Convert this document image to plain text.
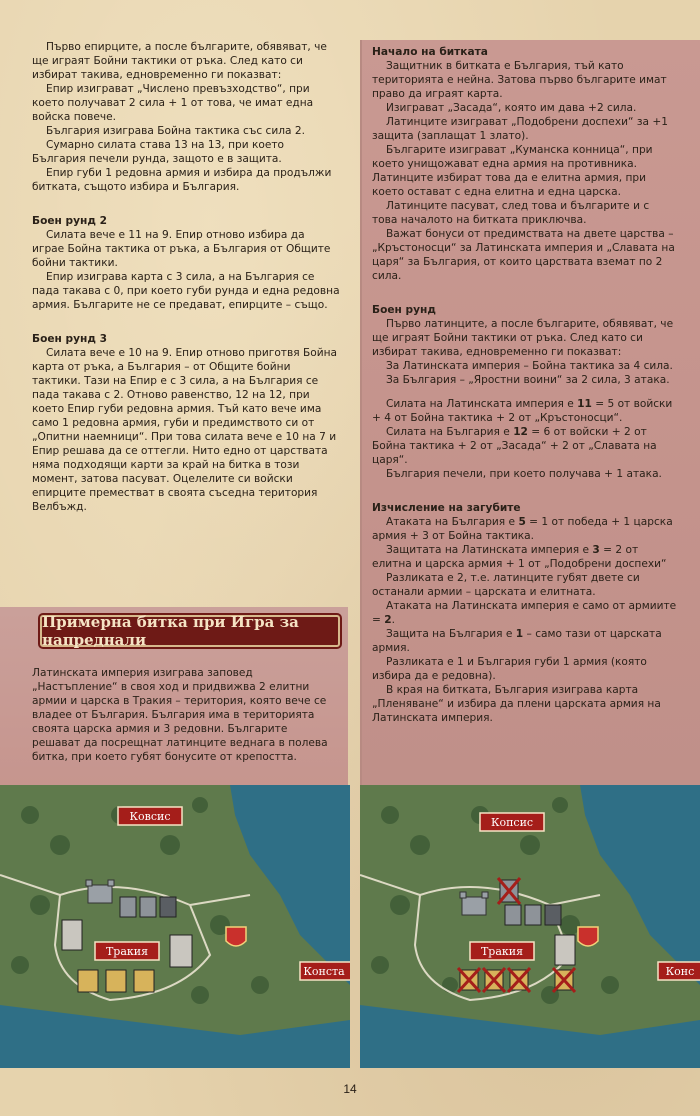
Първо епирците, а после българите, обявяват, че ще играят Бойни тактики от ръка. След като си избират такива, едновременно ги показват:

Епир изиграват „Числено превъзходство“, при което получават 2 сила + 1 от това, че имат една войска повече.

България изиграва Бойна тактика със сила 2.

Сумарно силата става 13 на 13, при което България печели рунда, защото е в защита.

Епир губи 1 редовна армия и избира да продължи битката, същото избира и България.

Боен рунд 2

Силата вече е 11 на 9. Епир отново избира да играе Бойна тактика от ръка, а България от Общите бойни тактики.

Епир изиграва карта с 3 сила, а на България се пада такава с 0, при което губи рунда и една редовна армия. Българите не се предават, епирците – също.

Боен рунд 3

Силата вече е 10 на 9. Епир отново приготвя Бойна карта от ръка, а България – от Общите бойни тактики. Тази на Епир е с 3 сила, а на България се пада такава с 2. Отново равенство, 12 на 12, при което Епир губи редовна армия. Тъй като вече има само 1 редовна армия, губи и предимството си от „Опитни наемници“. При това силата вече е 10 на 7 и Епир решава да се оттегли. Нито едно от царствата няма подходящи карти за край на битка в този момент, затова пасуват. Оцелелите си войски епирците преместват в своята съседна територия Велбъжд.

Начало на битката

Защитник в битката е България, тъй като територията е нейна. Затова първо българите имат право да играят карта.

Изиграват „Засада“, която им дава +2 сила.

Латинците изиграват „Подобрени доспехи“ за +1 защита (заплащат 1 злато).

Българите изиграват „Куманска конница“, при което унищожават една армия на противника. Латинците избират това да е елитна армия, при което остават с една елитна и една царска.

Латинците пасуват, след това и българите и с това началото на битката приключва.

Важат бонуси от предимствата на двете царства – „Кръстоносци“ за Латинската империя и „Славата на царя“ за България, от които царствата вземат по 2 сила.

Боен рунд

Първо латинците, а после българите, обявяват, че ще играят Бойни тактики от ръка. След като си избират такива, едновременно ги показват:

За Латинската империя – Бойна тактика за 4 сила.

За България – „Яростни воини“ за 2 сила, 3 атака.

Силата на Латинската империя е 11 = 5 от войски + 4 от Бойна тактика + 2 от „Кръстоносци“.

Силата на България е 12 = 6 от войски + 2 от Бойна тактика + 2 от „Засада“ + 2 от „Славата на царя“.

България печели, при което получава + 1 атака.

Изчисление на загубите

Атаката на България е 5 = 1 от победа + 1 царска армия + 3 от Бойна тактика.

Защитата на Латинската империя е 3 = 2 от елитна и царска армия + 1 от „Подобрени доспехи“

Разликата е 2, т.е. латинците губят двете си останали армии – царската и елитната.

Атаката на Латинската империя е само от армиите = 2.

Защита на България е 1 – само тази от царската армия.

Разликата е 1 и България губи 1 армия (която избира да е редовна).

В края на битката, България изиграва карта „Пленяване“ и избира да плени царската армия на Латинската империя.

Примерна битка при Игра за напреднали

Латинската империя изиграва заповед „Настъпление“ в своя ход и придвижва 2 елитни армии и царска в Тракия – територия, която вече се владее от България. България има в територията своята царска армия и 3 редовни. Българите решават да посрещнат латинците веднага в полева битка, при което губят бонусите от крепостта.

Ковсис
Тракия
Конста
Копсис
Тракия
Конс
14
